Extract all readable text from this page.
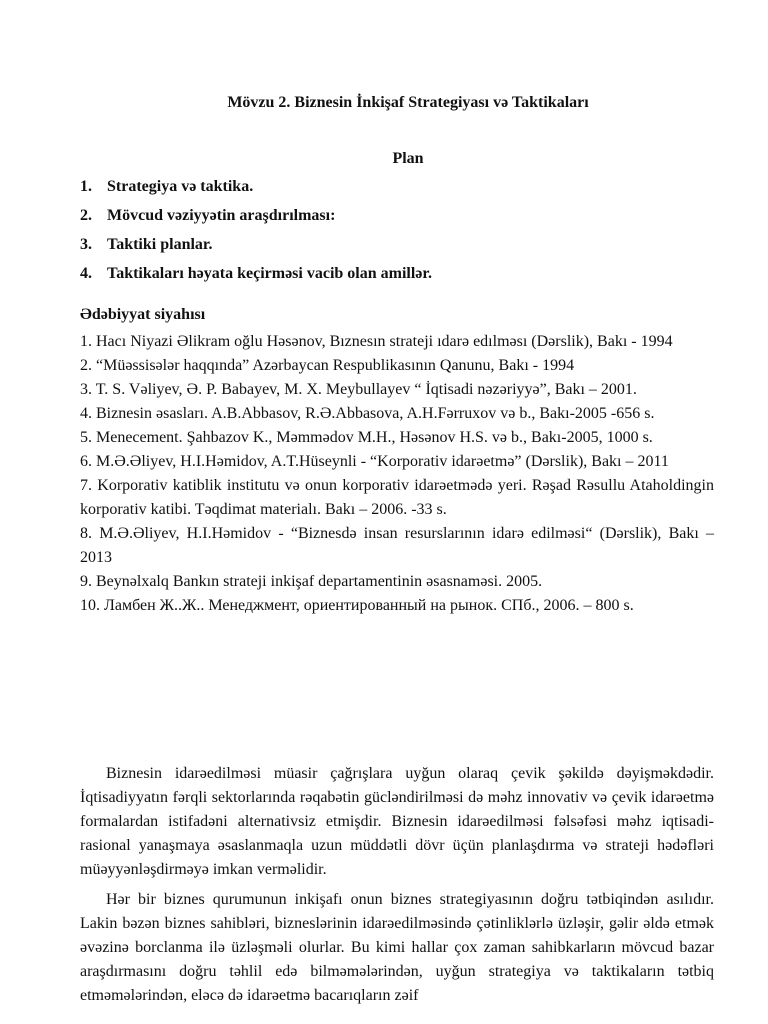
Mövzu 2. Biznesin İnkişaf Strategiyası və Taktikaları
Plan
1. Strategiya və taktika.
2. Mövcud vəziyyətin araşdırılması:
3. Taktiki planlar.
4. Taktikaları həyata keçirməsi vacib olan amillər.
Ədəbiyyat siyahısı

1. Hacı Niyazi Əlikram oğlu Həsənov, Bıznesın strateji ıdarə edılməsı (Dərslik), Bakı - 1994

2. “Müəssisələr haqqında” Azərbaycan Respublikasının Qanunu, Bakı - 1994

3. T. S. Vəliyev, Ə. P. Babayev, M. X. Meybullayev “ İqtisadi nəzəriyyə”, Bakı – 2001.

4. Biznesin əsasları. A.B.Abbasov, R.Ə.Abbasova, A.H.Fərruxov və b., Bakı-2005 -656 s.

5. Menecement. Şahbazov K., Məmmədov M.H., Həsənov H.S. və b., Bakı-2005, 1000 s.

6. M.Ə.Əliyev, H.I.Həmidov, A.T.Hüseynli - “Korporativ idarəetmə” (Dərslik), Bakı – 2011

7. Korporativ katiblik institutu və onun korporativ idarəetmədə yeri. Rəşad Rəsullu Ataholdingin korporativ katibi. Təqdimat materialı. Bakı – 2006. -33 s.

8. M.Ə.Əliyev, H.I.Həmidov - “Biznesdə insan resurslarının idarə edilməsi“ (Dərslik), Bakı – 2013

9. Beynəlxalq Bankın strateji inkişaf departamentinin əsasnaməsi. 2005.

10. Ламбен Ж..Ж.. Менеджмент, ориентированный на рынок. СПб., 2006. – 800 s.

Biznesin idarəedilməsi müasir çağrışlara uyğun olaraq çevik şəkildə dəyişməkdədir. İqtisadiyyatın fərqli sektorlarında rəqabətin gücləndirilməsi də məhz innovativ və çevik idarəetmə formalardan istifadəni alternativsiz etmişdir. Biznesin idarəedilməsi fəlsəfəsi məhz iqtisadi-rasional yanaşmaya əsaslanmaqla uzun müddətli dövr üçün planlaşdırma və strateji hədəfləri müəyyənləşdirməyə imkan verməlidir.

Hər bir biznes qurumunun inkişafı onun biznes strategiyasının doğru tətbiqindən asılıdır. Lakin bəzən biznes sahibləri, bizneslərinin idarəedilməsində çətinliklərlə üzləşir, gəlir əldə etmək əvəzinə borclanma ilə üzləşməli olurlar. Bu kimi hallar çox zaman sahibkarların mövcud bazar araşdırmasını doğru təhlil edə bilməmələrindən, uyğun strategiya və taktikaların tətbiq etməmələrindən, eləcə də idarəetmə bacarıqların zəif
